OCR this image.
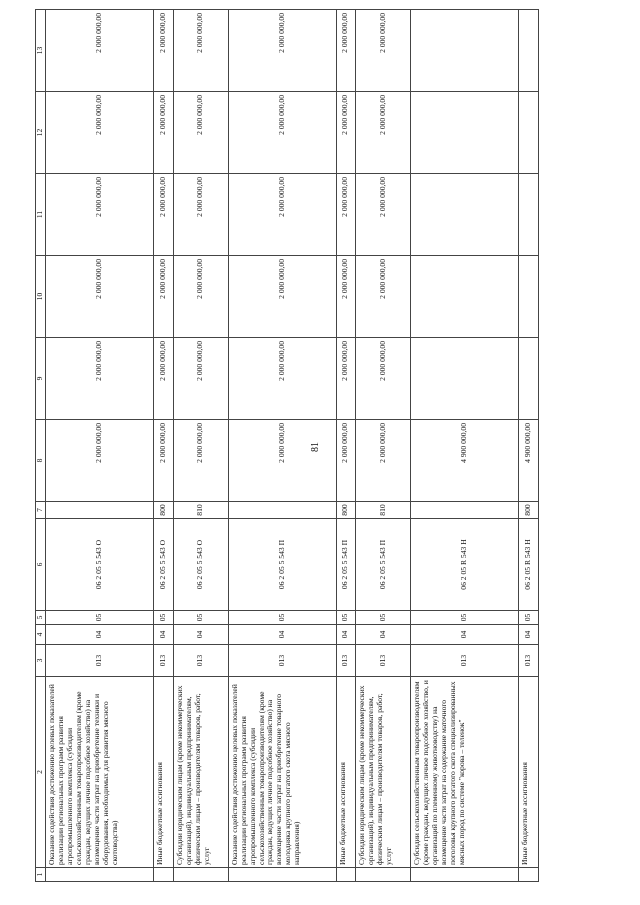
81
1	2	3	4	5	6	7	8	9	10	11	12	13
	Оказание содействия достижению целевых показателей реализации региональных программ развития агропромышленного комплекса (субсидии сельскохозяйственным товаропроизводителям (кроме граждан, ведущих личное подсобное хозяйство) на возмещение части затрат на приобретение техники и оборудования, необходимых для развития мясного скотоводства)	013	04	05	06 2 05 5 543 О		2 000 000,00	2 000 000,00	2 000 000,00	2 000 000,00	2 000 000,00	2 000 000,00
	Иные бюджетные ассигнования	013	04	05	06 2 05 5 543 О	800	2 000 000,00	2 000 000,00	2 000 000,00	2 000 000,00	2 000 000,00	2 000 000,00
	Субсидии юридическим лицам (кроме некоммерческих организаций), индивидуальным предпринимателям, физическим лицам – производителям товаров, работ, услуг	013	04	05	06 2 05 5 543 О	810	2 000 000,00	2 000 000,00	2 000 000,00	2 000 000,00	2 000 000,00	2 000 000,00
	Оказание содействия достижению целевых показателей реализации региональных программ развития агропромышленного комплекса (субсидии сельскохозяйственным товаропроизводителям (кроме граждан, ведущих личное подсобное хозяйство) на возмещение части затрат на приобретение товарного молодняка крупного рогатого скота мясного направления)	013	04	05	06 2 05 5 543 П		2 000 000,00	2 000 000,00	2 000 000,00	2 000 000,00	2 000 000,00	2 000 000,00
	Иные бюджетные ассигнования	013	04	05	06 2 05 5 543 П	800	2 000 000,00	2 000 000,00	2 000 000,00	2 000 000,00	2 000 000,00	2 000 000,00
	Субсидии юридическим лицам (кроме некоммерческих организаций), индивидуальным предпринимателям, физическим лицам – производителям товаров, работ, услуг	013	04	05	06 2 05 5 543 П	810	2 000 000,00	2 000 000,00	2 000 000,00	2 000 000,00	2 000 000,00	2 000 000,00
	Субсидии сельскохозяйственным товаропроизводителям (кроме граждан, ведущих личное подсобное хозяйство, и организаций по племенному животноводству) на возмещение части затрат на содержание маточного поголовья крупного рогатого скота специализированных мясных пород по системе "корова – теленок"	013	04	05	06 2 05 R 543 Н		4 900 000,00					
	Иные бюджетные ассигнования	013	04	05	06 2 05 R 543 Н	800	4 900 000,00					
